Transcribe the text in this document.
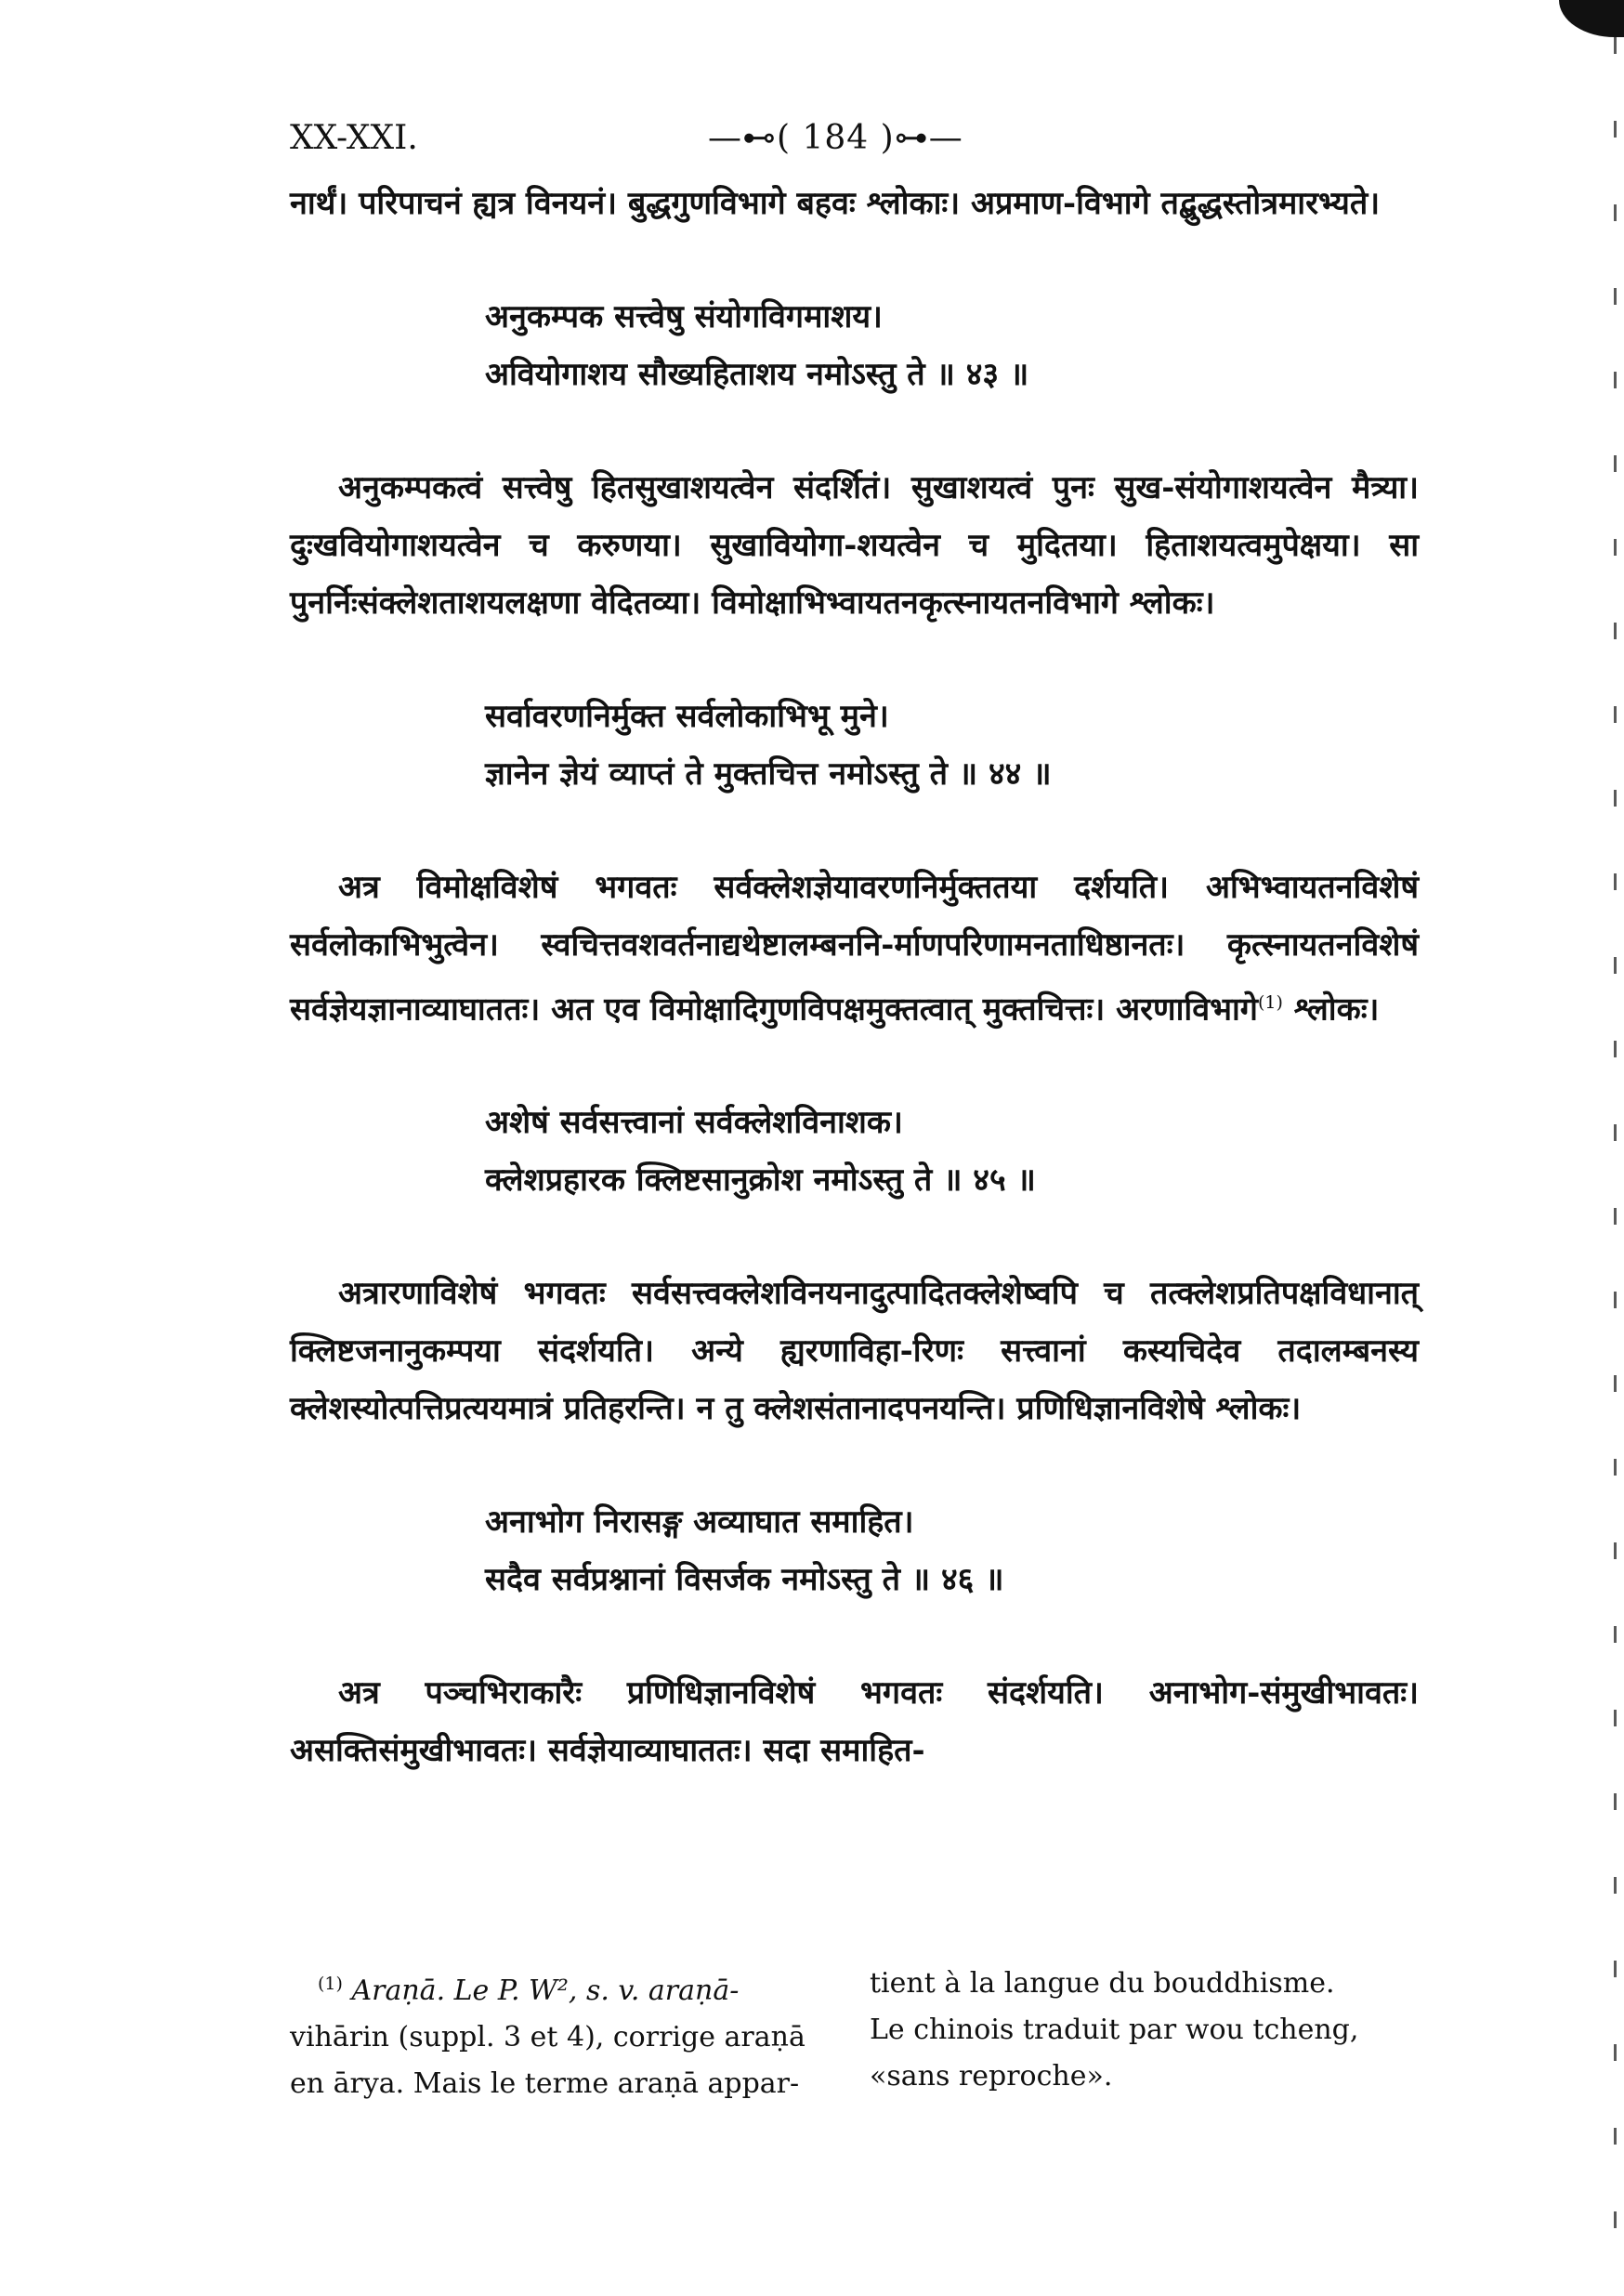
XX-XXI.	—⊷( 184 )⊶—

नार्थं। परिपाचनं ह्यत्र विनयनं। बुद्धगुणविभागे बहवः श्लोकाः। अप्रमाण-विभागे तद्बुद्धस्तोत्रमारभ्यते।

अनुकम्पक सत्त्वेषु संयोगविगमाशय।
अवियोगाशय सौख्यहिताशय नमोऽस्तु ते ॥ ४३ ॥

अनुकम्पकत्वं सत्त्वेषु हितसुखाशयत्वेन संदर्शितं। सुखाशयत्वं पुनः सुख-संयोगाशयत्वेन मैत्र्या। दुःखवियोगाशयत्वेन च करुणया। सुखावियोगा-शयत्वेन च मुदितया। हिताशयत्वमुपेक्षया। सा पुनर्निःसंक्लेशताशयलक्षणा वेदितव्या। विमोक्षाभिभ्वायतनकृत्स्नायतनविभागे श्लोकः।

सर्वावरणनिर्मुक्त सर्वलोकाभिभू मुने।
ज्ञानेन ज्ञेयं व्याप्तं ते मुक्तचित्त नमोऽस्तु ते ॥ ४४ ॥

अत्र विमोक्षविशेषं भगवतः सर्वक्लेशज्ञेयावरणनिर्मुक्ततया दर्शयति। अभिभ्वायतनविशेषं सर्वलोकाभिभुत्वेन। स्वचित्तवशवर्तनाद्यथेष्टालम्बननि-र्माणपरिणामनताधिष्ठानतः। कृत्स्नायतनविशेषं सर्वज्ञेयज्ञानाव्याघाततः। अत एव विमोक्षादिगुणविपक्षमुक्तत्वात् मुक्तचित्तः। अरणाविभागे$^{(1)}$ श्लोकः।

अशेषं सर्वसत्त्वानां सर्वक्लेशविनाशक।
क्लेशप्रहारक क्लिष्टसानुक्रोश नमोऽस्तु ते ॥ ४५ ॥

अत्रारणाविशेषं भगवतः सर्वसत्त्वक्लेशविनयनादुत्पादितक्लेशेष्वपि च तत्क्लेशप्रतिपक्षविधानात् क्लिष्टजनानुकम्पया संदर्शयति। अन्ये ह्यरणाविहा-रिणः सत्त्वानां कस्यचिदेव तदालम्बनस्य क्लेशस्योत्पत्तिप्रत्ययमात्रं प्रतिहरन्ति। न तु क्लेशसंतानादपनयन्ति। प्रणिधिज्ञानविशेषे श्लोकः।

अनाभोग निरासङ्ग अव्याघात समाहित।
सदैव सर्वप्रश्नानां विसर्जक नमोऽस्तु ते ॥ ४६ ॥

अत्र पञ्चभिराकारैः प्रणिधिज्ञानविशेषं भगवतः संदर्शयति। अनाभोग-संमुखीभावतः। असक्तिसंमुखीभावतः। सर्वज्ञेयाव्याघाततः। सदा समाहित-

$^{(1)}$ Araṇā. Le P. W², s. v. araṇā-
vihārin (suppl. 3 et 4), corrige araṇā
en ārya. Mais le terme araṇā appar-
tient à la langue du bouddhisme.
Le chinois traduit par wou tcheng,
«sans reproche».
